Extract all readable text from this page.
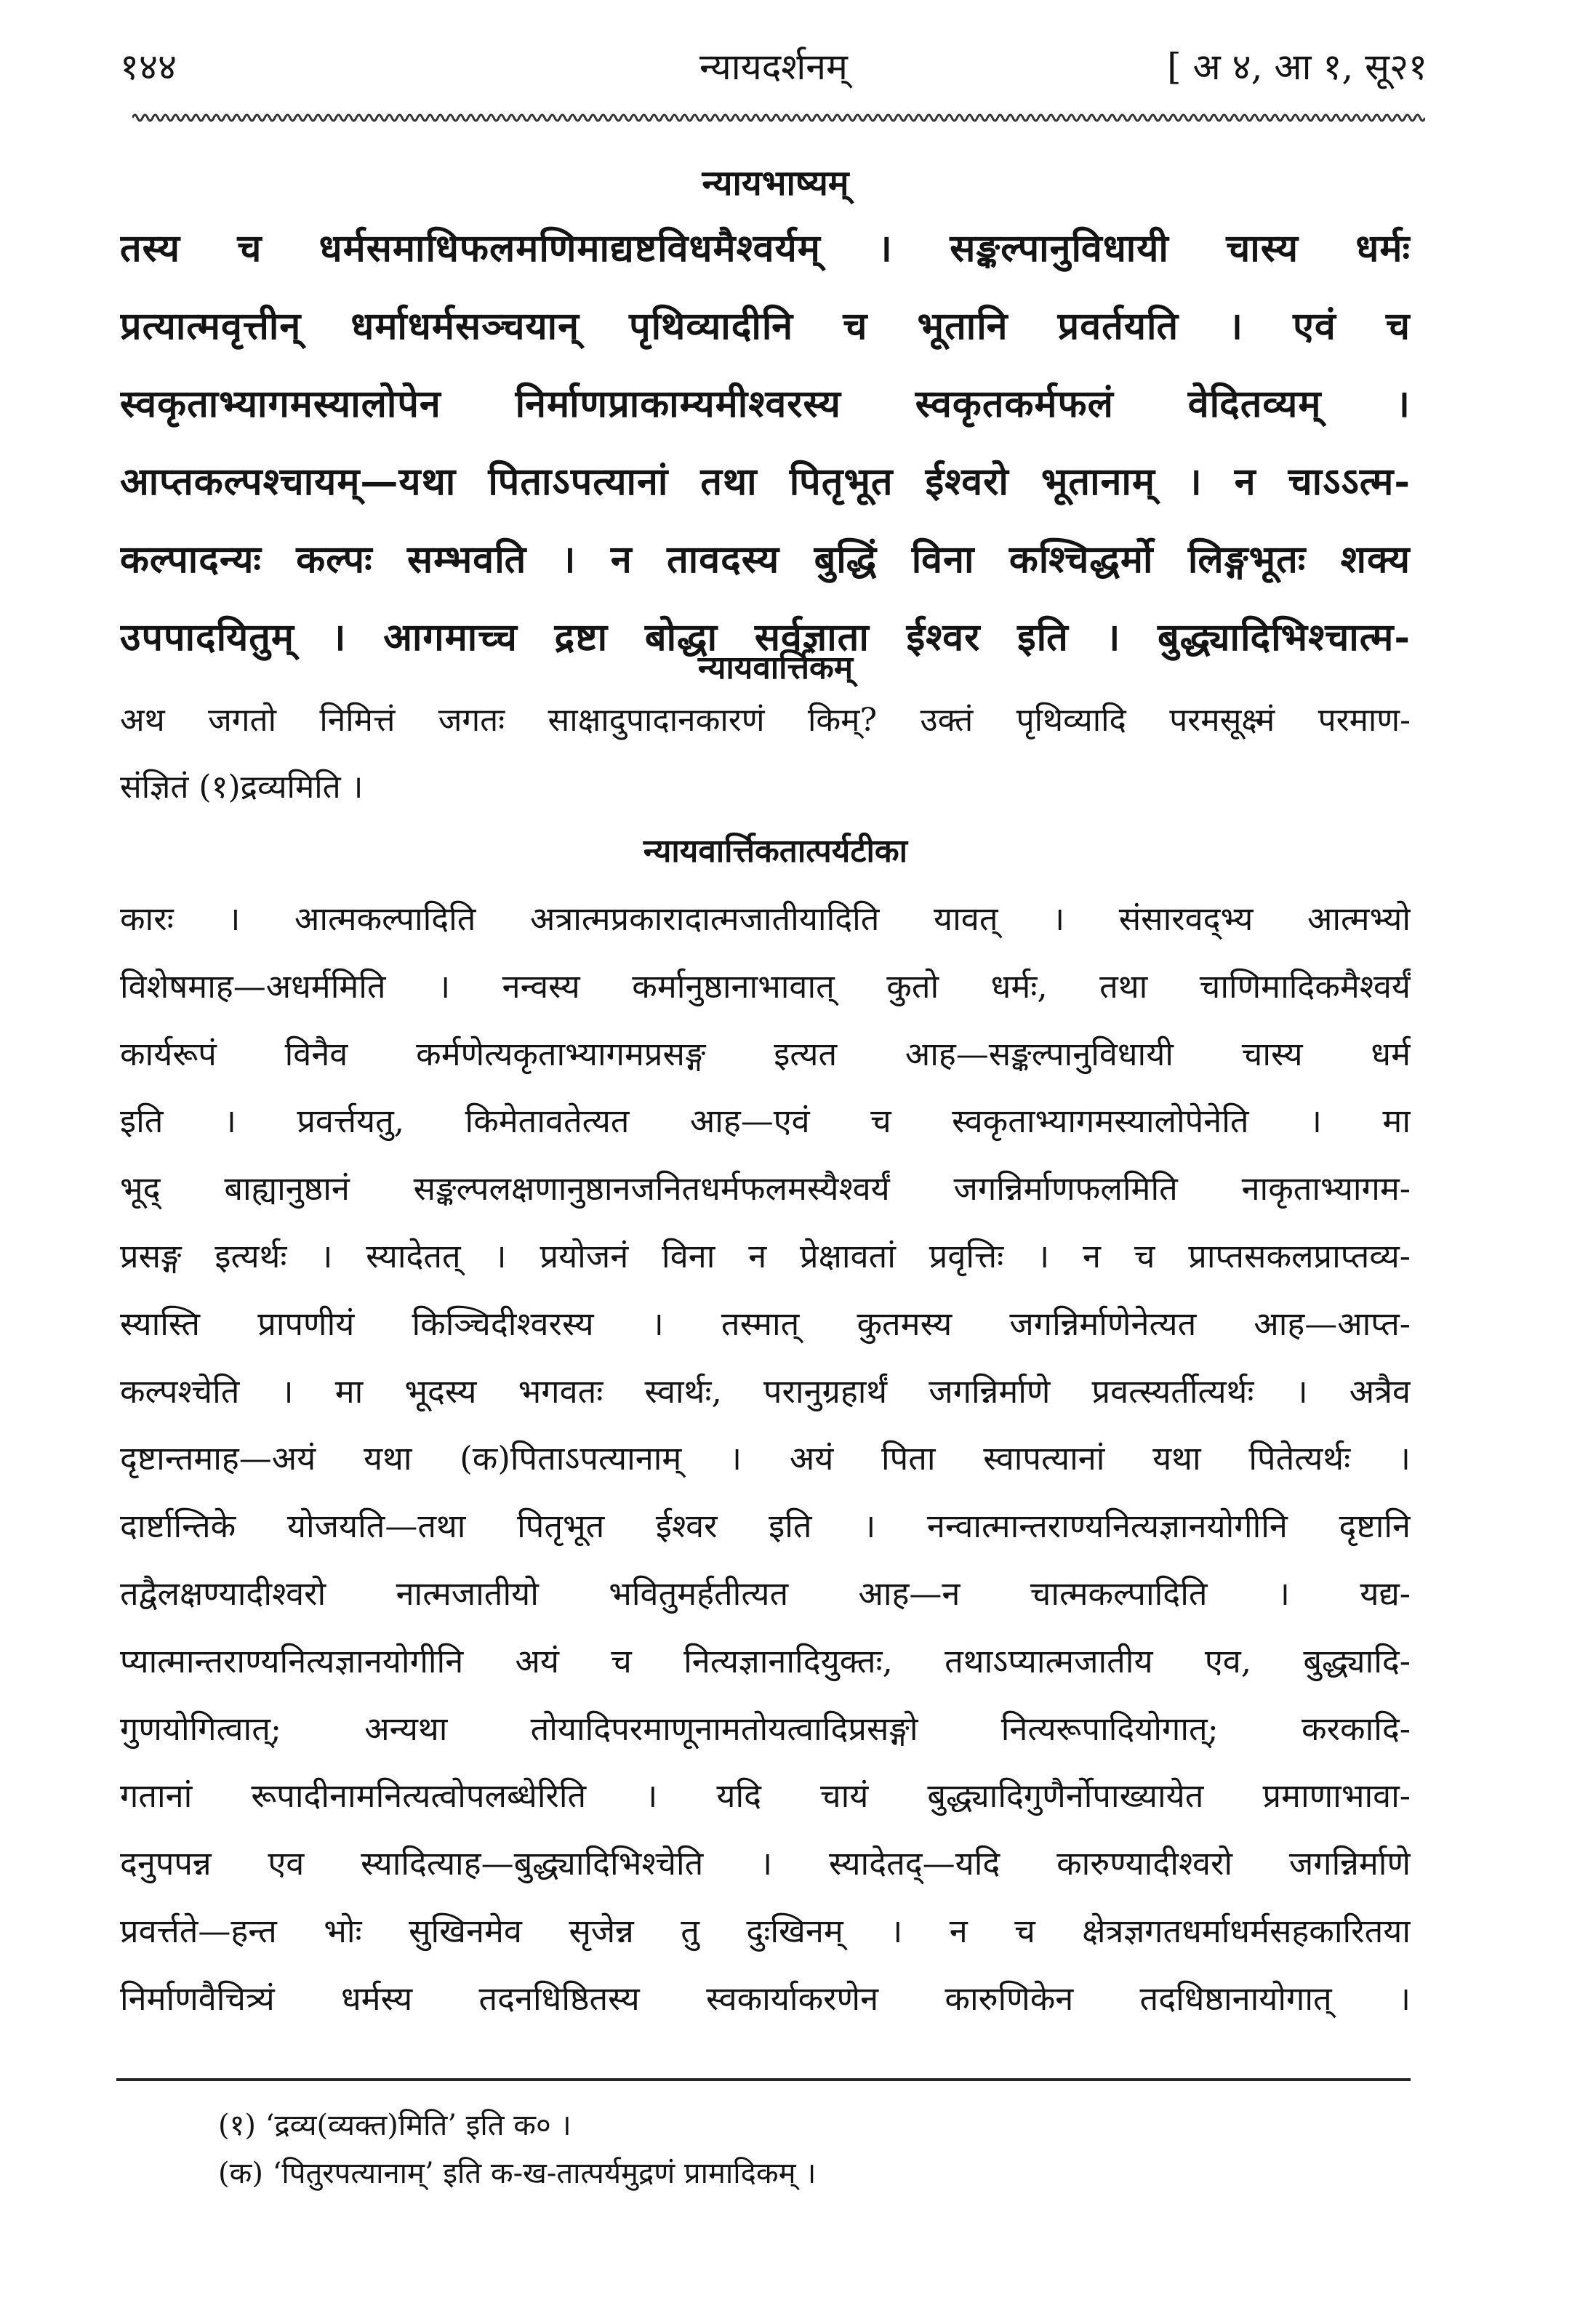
१४४	न्यायदर्शनम्	[ अ ४, आ १, सू२१
न्यायभाष्यम्
तस्य च धर्मसमाधिफलमणिमाद्यष्टविधमैश्वर्यम् । सङ्कल्पानुविधायी चास्य धर्मः
प्रत्यात्मवृत्तीन् धर्माधर्मसञ्चयान् पृथिव्यादीनि च भूतानि प्रवर्तयति । एवं च
स्वकृताभ्यागमस्यालोपेन निर्माणप्राकाम्यमीश्वरस्य स्वकृतकर्मफलं वेदितव्यम् ।
आप्तकल्पश्चायम्—यथा पिताऽपत्यानां तथा पितृभूत ईश्वरो भूतानाम् । न चाऽऽत्म-
कल्पादन्यः कल्पः सम्भवति । न तावदस्य बुद्धिं विना कश्चिद्धर्मो लिङ्गभूतः शक्य
उपपादयितुम् । आगमाच्च द्रष्टा बोद्धा सर्वज्ञाता ईश्वर इति । बुद्ध्यादिभिश्चात्म-
न्यायवार्त्तिकम्
अथ जगतो निमित्तं जगतः साक्षादुपादानकारणं किम्? उक्तं पृथिव्यादि परमसूक्ष्मं परमाण-
संज्ञितं (१)द्रव्यमिति ।
न्यायवार्त्तिकतात्पर्यटीका
कारः । आत्मकल्पादिति अत्रात्मप्रकारादात्मजातीयादिति यावत् । संसारवद्भ्य आत्मभ्यो
विशेषमाह—अधर्ममिति । नन्वस्य कर्मानुष्ठानाभावात् कुतो धर्मः, तथा चाणिमादिकमैश्वर्यं
कार्यरूपं विनैव कर्मणेत्यकृताभ्यागमप्रसङ्ग इत्यत आह—सङ्कल्पानुविधायी चास्य धर्म
इति । प्रवर्त्तयतु, किमेतावतेत्यत आह—एवं च स्वकृताभ्यागमस्यालोपेनेति । मा
भूद् बाह्यानुष्ठानं सङ्कल्पलक्षणानुष्ठानजनितधर्मफलमस्यैश्वर्यं जगन्निर्माणफलमिति नाकृताभ्यागम-
प्रसङ्ग इत्यर्थः । स्यादेतत् । प्रयोजनं विना न प्रेक्षावतां प्रवृत्तिः । न च प्राप्तसकलप्राप्तव्य-
स्यास्ति प्रापणीयं किञ्चिदीश्वरस्य । तस्मात् कुतमस्य जगन्निर्माणेनेत्यत आह—आप्त-
कल्पश्चेति । मा भूदस्य भगवतः स्वार्थः, परानुग्रहार्थं जगन्निर्माणे प्रवत्स्यर्तीत्यर्थः । अत्रैव
दृष्टान्तमाह—अयं यथा (क)पिताऽपत्यानाम् । अयं पिता स्वापत्यानां यथा पितेत्यर्थः ।
दार्ष्टान्तिके योजयति—तथा पितृभूत ईश्वर इति । नन्वात्मान्तराण्यनित्यज्ञानयोगीनि दृष्टानि
तद्वैलक्षण्यादीश्वरो नात्मजातीयो भवितुमर्हतीत्यत आह—न चात्मकल्पादिति । यद्य-
प्यात्मान्तराण्यनित्यज्ञानयोगीनि अयं च नित्यज्ञानादियुक्तः, तथाऽप्यात्मजातीय एव, बुद्ध्यादि-
गुणयोगित्वात्; अन्यथा तोयादिपरमाणूनामतोयत्वादिप्रसङ्गो नित्यरूपादियोगात्; करकादि-
गतानां रूपादीनामनित्यत्वोपलब्धेरिति । यदि चायं बुद्ध्यादिगुणैर्नोपाख्यायेत प्रमाणाभावा-
दनुपपन्न एव स्यादित्याह—बुद्ध्यादिभिश्चेति । स्यादेतद्—यदि कारुण्यादीश्वरो जगन्निर्माणे
प्रवर्त्तते—हन्त भोः सुखिनमेव सृजेन्न तु दुःखिनम् । न च क्षेत्रज्ञगतधर्माधर्मसहकारितया
निर्माणवैचित्र्यं धर्मस्य तदनधिष्ठितस्य स्वकार्याकरणेन कारुणिकेन तदधिष्ठानायोगात् ।
(१) ‘द्रव्य(व्यक्त)मिति’ इति क० ।
(क) ‘पितुरपत्यानाम्’ इति क-ख-तात्पर्यमुद्रणं प्रामादिकम् ।
